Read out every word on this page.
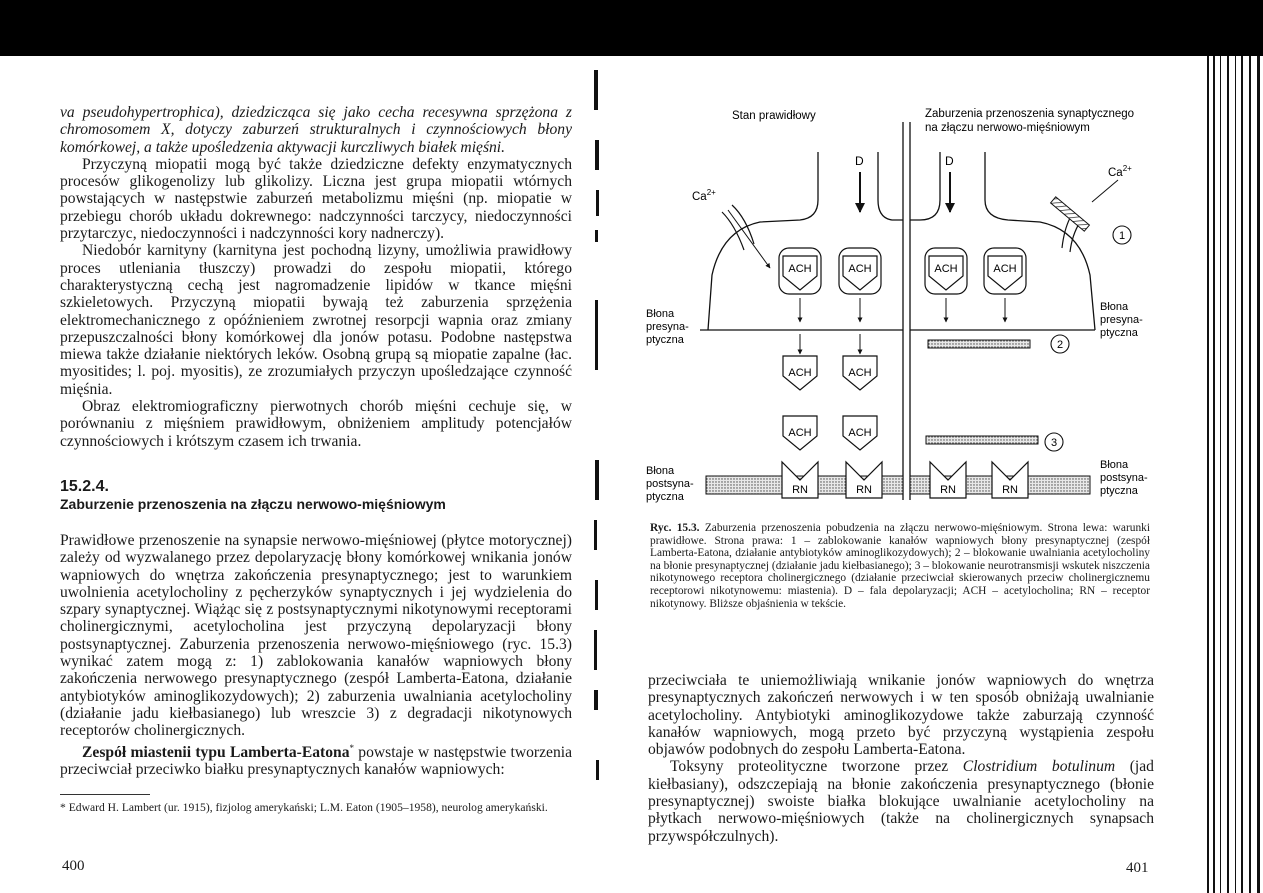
va pseudohypertrophica), dziedzicząca się jako cecha recesywna sprzężona z chromosomem X, dotyczy zaburzeń strukturalnych i czynnościowych błony komórkowej, a także upośledzenia aktywacji kurczliwych białek mięśni.

Przyczyną miopatii mogą być także dziedziczne defekty enzymatycznych procesów glikogenolizy lub glikolizy. Liczna jest grupa miopatii wtórnych powstających w następstwie zaburzeń metabolizmu mięśni (np. miopatie w przebiegu chorób układu dokrewnego: nadczynności tarczycy, niedoczynności przytarczyc, niedoczynności i nadczynności kory nadnerczy).

Niedobór karnityny (karnityna jest pochodną lizyny, umożliwia prawidłowy proces utleniania tłuszczy) prowadzi do zespołu miopatii, którego charakterystyczną cechą jest nagromadzenie lipidów w tkance mięśni szkieletowych. Przyczyną miopatii bywają też zaburzenia sprzężenia elektromechanicznego z opóźnieniem zwrotnej resorpcji wapnia oraz zmiany przepuszczalności błony komórkowej dla jonów potasu. Podobne następstwa miewa także działanie niektórych leków. Osobną grupą są miopatie zapalne (łac. myositides; l. poj. myositis), ze zrozumiałych przyczyn upośledzające czynność mięśnia.

Obraz elektromiograficzny pierwotnych chorób mięśni cechuje się, w porównaniu z mięśniem prawidłowym, obniżeniem amplitudy potencjałów czynnościowych i krótszym czasem ich trwania.

15.2.4.

Zaburzenie przenoszenia na złączu nerwowo-mięśniowym

Prawidłowe przenoszenie na synapsie nerwowo-mięśniowej (płytce motorycznej) zależy od wyzwalanego przez depolaryzację błony komórkowej wnikania jonów wapniowych do wnętrza zakończenia presynaptycznego; jest to warunkiem uwolnienia acetylocholiny z pęcherzyków synaptycznych i jej wydzielenia do szpary synaptycznej. Wiążąc się z postsynaptycznymi nikotynowymi receptorami cholinergicznymi, acetylocholina jest przyczyną depolaryzacji błony postsynaptycznej. Zaburzenia przenoszenia nerwowo-mięśniowego (ryc. 15.3) wynikać zatem mogą z: 1) zablokowania kanałów wapniowych błony zakończenia nerwowego presynaptycznego (zespół Lamberta-Eatona, działanie antybiotyków aminoglikozydowych); 2) zaburzenia uwalniania acetylocholiny (działanie jadu kiełbasianego) lub wreszcie 3) z degradacji nikotynowych receptorów cholinergicznych.

Zespół miastenii typu Lamberta-Eatona* powstaje w następstwie tworzenia przeciwciał przeciwko białku presynaptycznych kanałów wapniowych:

* Edward H. Lambert (ur. 1915), fizjolog amerykański; L.M. Eaton (1905–1958), neurolog amerykański.

400
Stan prawidłowy	Zaburzenia przenoszenia synaptycznego
na złączu nerwowo-mięśniowym
$Ca^{2+}$
$Ca^{2+}$
D	D
ACH	ACH	ACH	ACH
ACH	ACH
ACH	ACH
RN	RN	RN	RN
Błona presyna-ptyczna
Błona presyna-ptyczna
Błona postsyna-ptyczna
Błona postsyna-ptyczna
1
2
3

Ryc. 15.3. Zaburzenia przenoszenia pobudzenia na złączu nerwowo-mięśniowym. Strona lewa: warunki prawidłowe. Strona prawa: 1 – zablokowanie kanałów wapniowych błony presynaptycznej (zespół Lamberta-Eatona, działanie antybiotyków aminoglikozydowych); 2 – blokowanie uwalniania acetylocholiny na błonie presynaptycznej (działanie jadu kiełbasianego); 3 – blokowanie neurotransmisji wskutek niszczenia nikotynowego receptora cholinergicznego (działanie przeciwciał skierowanych przeciw cholinergicznemu receptorowi nikotynowemu: miastenia). D – fala depolaryzacji; ACH – acetylocholina; RN – receptor nikotynowy. Bliższe objaśnienia w tekście.

przeciwciała te uniemożliwiają wnikanie jonów wapniowych do wnętrza presynaptycznych zakończeń nerwowych i w ten sposób obniżają uwalnianie acetylocholiny. Antybiotyki aminoglikozydowe także zaburzają czynność kanałów wapniowych, mogą przeto być przyczyną wystąpienia zespołu objawów podobnych do zespołu Lamberta-Eatona.

Toksyny proteolityczne tworzone przez Clostridium botulinum (jad kiełbasiany), odszczepiają na błonie zakończenia presynaptycznego (błonie presynaptycznej) swoiste białka blokujące uwalnianie acetylocholiny na płytkach nerwowo-mięśniowych (także na cholinergicznych synapsach przywspółczulnych).

401
